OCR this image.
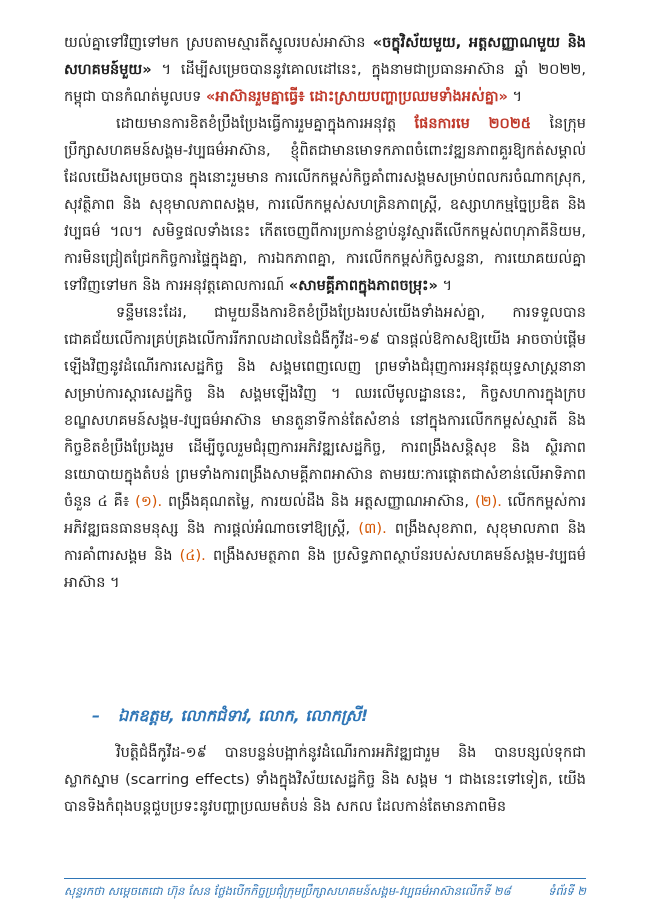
យល់គ្នាទៅវិញទៅមក ស្របតាមស្មារតីស្នូលរបស់អាស៊ាន «ចក្ខុវិស័យមួយ, អត្តសញ្ញាណមួយ និង សហគមន៍មួយ» ។ ដើម្បីសម្រេចបាននូវគោលដៅនេះ, ក្នុងនាមជាប្រធានអាស៊ាន ឆ្នាំ ២០២២, កម្ពុជា បានកំណត់មូលបទ «អាស៊ានរួមគ្នាធ្វើ៖ ដោះស្រាយបញ្ហាប្រឈមទាំងអស់គ្នា» ។

ដោយមានការខិតខំប្រឹងប្រែងធ្វើការរួមគ្នាក្នុងការអនុវត្ត ផែនការមេ ២០២៥ នៃក្រុមប្រឹក្សាសហគមន៍សង្គម-វប្បធម៌អាស៊ាន, ខ្ញុំពិតជាមានមោទកភាពចំពោះវឌ្ឍនភាពគួរឱ្យកត់សម្គាល់ ដែលយើងសម្រេចបាន ក្នុងនោះរួមមាន ការលើកកម្ពស់កិច្ចគាំពារសង្គមសម្រាប់ពលករចំណាកស្រុក, សុវត្ថិភាព និង សុខុមាលភាពសង្គម, ការលើកកម្ពស់សហគ្រិនភាពស្ត្រី, ឧស្សាហកម្មច្នៃប្រឌិត និង វប្បធម៌ ។ល។ សមិទ្ធផលទាំងនេះ កើតចេញពីការប្រកាន់ខ្ជាប់នូវស្មារតីលើកកម្ពស់ពហុភាគីនិយម, ការមិនជ្រៀតជ្រែកកិច្ចការផ្ទៃក្នុងគ្នា, ការឯកភាពគ្នា, ការលើកកម្ពស់កិច្ចសន្ទនា, ការយោគយល់គ្នាទៅវិញទៅមក និង ការអនុវត្តគោលការណ៍ «សាមគ្គីភាពក្នុងភាពចម្រុះ» ។

ទន្ទឹមនេះដែរ, ជាមួយនឹងការខិតខំប្រឹងប្រែងរបស់យើងទាំងអស់គ្នា, ការទទួលបានជោគជ័យលើការគ្រប់គ្រងលើការរីករាលដាលនៃជំងឺកូវីដ-១៩ បានផ្ដល់ឱកាសឱ្យយើង អាចចាប់ផ្ដើមឡើងវិញនូវដំណើរការសេដ្ឋកិច្ច និង សង្គមពេញលេញ ព្រមទាំងជំរុញការអនុវត្តយុទ្ធសាស្ត្រនានា សម្រាប់ការស្ដារសេដ្ឋកិច្ច និង សង្គមឡើងវិញ ។ ឈរលើមូលដ្ឋាននេះ, កិច្ចសហការក្នុងក្របខណ្ឌសហគមន៍សង្គម-វប្បធម៌អាស៊ាន មានតួនាទីកាន់តែសំខាន់ នៅក្នុងការលើកកម្ពស់ស្មារតី និង កិច្ចខិតខំប្រឹងប្រែងរួម ដើម្បីចូលរួមជំរុញការអភិវឌ្ឍសេដ្ឋកិច្ច, ការពង្រឹងសន្តិសុខ និង ស្ថិរភាពនយោបាយក្នុងតំបន់ ព្រមទាំងការពង្រឹងសាមគ្គីភាពអាស៊ាន តាមរយៈការផ្ដោតជាសំខាន់លើអាទិភាព ចំនួន ៤ គឺ៖ (១). ពង្រឹងគុណតម្លៃ, ការយល់ដឹង និង អត្តសញ្ញាណអាស៊ាន, (២). លើកកម្ពស់ការអភិវឌ្ឍធនធានមនុស្ស និង ការផ្ដល់អំណាចទៅឱ្យស្ត្រី, (៣). ពង្រឹងសុខភាព, សុខុមាលភាព និង ការគាំពារសង្គម និង (៤). ពង្រឹងសមត្ថភាព និង ប្រសិទ្ធភាពស្ថាប័នរបស់សហគមន៍សង្គម-វប្បធម៌អាស៊ាន ។

– ឯកឧត្តម, លោកជំទាវ, លោក, លោកស្រី!

វិបត្តិជំងឺកូវីដ-១៩ បានបន្ទន់បង្អាក់នូវដំណើរការអភិវឌ្ឍជារួម និង បានបន្សល់ទុកជាស្លាកស្នាម (scarring effects) ទាំងក្នុងវិស័យសេដ្ឋកិច្ច និង សង្គម ។ ជាងនេះទៅទៀត, យើងបានទិងកំពុងបន្តជួបប្រទះនូវបញ្ហាប្រឈមតំបន់ និង សកល ដែលកាន់តែមានភាពមិន

សុន្ទរកថា សម្ដេចតេជោ ហ៊ុន សែន ថ្លែងបើកកិច្ចប្រជុំក្រុមប្រឹក្សាសហគមន៍សង្គម-វប្បធម៌អាស៊ានលើកទី ២៨	ទំព័រទី ២
